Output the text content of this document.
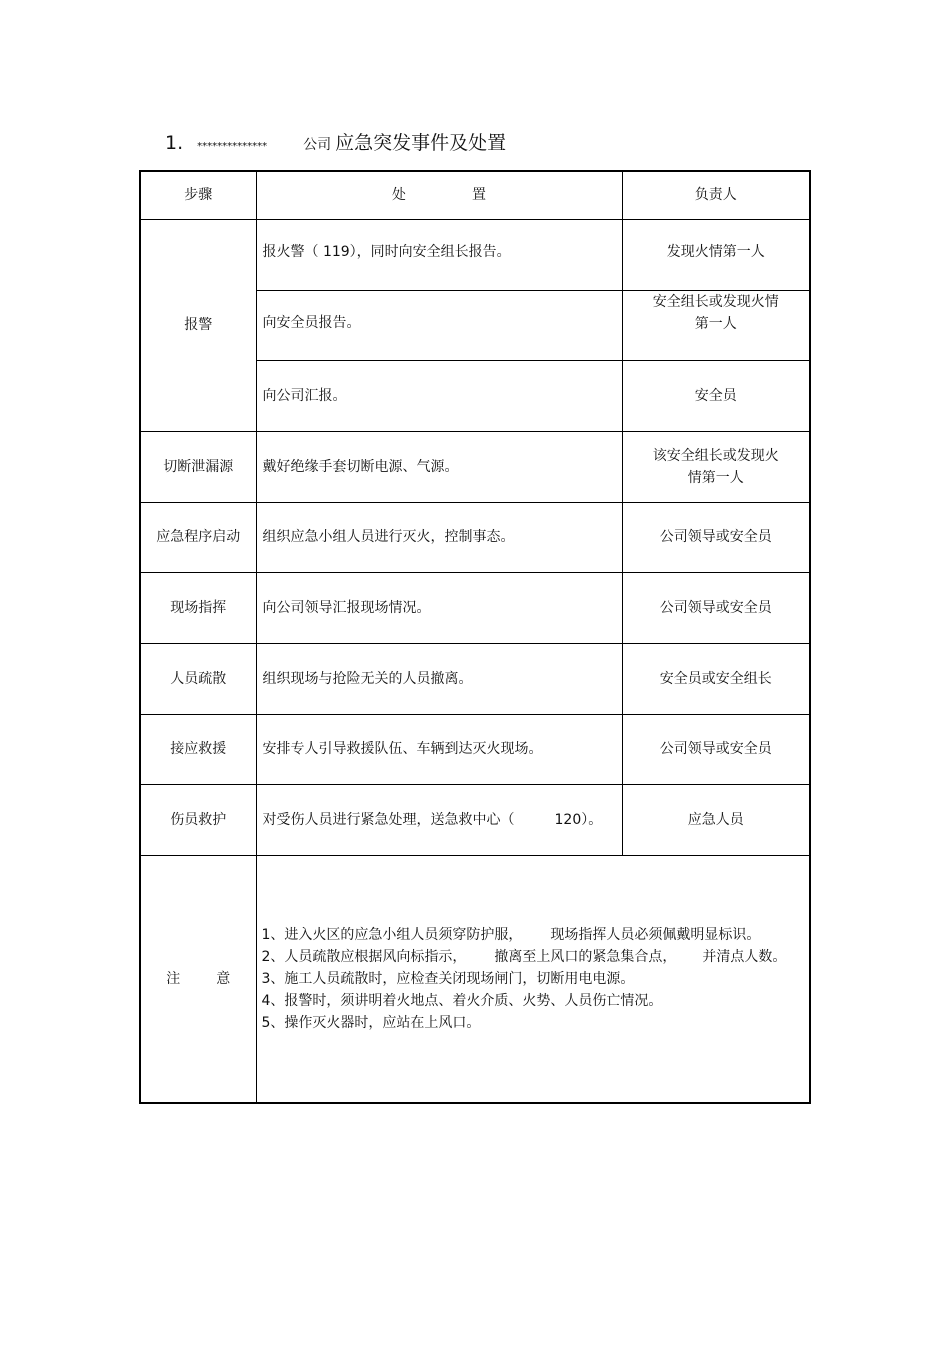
1. **************	公司 应急突发事件及处置
步骤	处 置	负责人
报警	报火警（ 119），同时向安全组长报告。	发现火情第一人
	向安全员报告。	安全组长或发现火情第一人
	向公司汇报。	安全员
切断泄漏源	戴好绝缘手套切断电源、气源。	该安全组长或发现火情第一人
应急程序启动	组织应急小组人员进行灭火，控制事态。	公司领导或安全员
现场指挥	向公司领导汇报现场情况。	公司领导或安全员
人员疏散	组织现场与抢险无关的人员撤离。	安全员或安全组长
接应救援	安排专人引导救援队伍、车辆到达灭火现场。	公司领导或安全员
伤员救护	对受伤人员进行紧急处理，送急救中心（ 120）。	应急人员
注 意	1、进入火区的应急小组人员须穿防护服， 现场指挥人员必须佩戴明显标识。
2、人员疏散应根据风向标指示， 撤离至上风口的紧急集合点， 并清点人数。
3、施工人员疏散时，应检查关闭现场闸门，切断用电电源。
4、报警时，须讲明着火地点、着火介质、火势、人员伤亡情况。
5、操作灭火器时，应站在上风口。	
